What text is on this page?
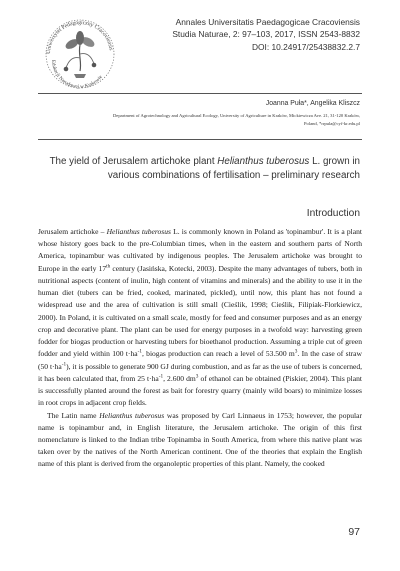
Uniwersytet Pedagogiczny Cracoviensis
Edukacji Narodowej w Krakowie
Annales Universitatis Paedagogicae Cracoviensis
Studia Naturae, 2: 97–103, 2017, ISSN 2543-8832
DOI: 10.24917/25438832.2.7
Joanna Puła*, Angelika Kliszcz
Department of Agrotechnology and Agricultural Ecology, University of Agriculture in Kraków, Mickiewicza Ave. 21, 31-120 Kraków,
Poland, *rrpula@cyf-kr.edu.pl
The yield of Jerusalem artichoke plant Helianthus tuberosus L. grown in various combinations of fertilisation – preliminary research
Introduction

Jerusalem artichoke – Helianthus tuberosus L. is commonly known in Poland as 'topinambur'. It is a plant whose history goes back to the pre-Columbian times, when in the eastern and southern parts of North America, topinambur was cultivated by indigenous peoples. The Jerusalem artichoke was brought to Europe in the early 17th century (Jasińska, Kotecki, 2003). Despite the many advantages of tubers, both in nutritional aspects (content of inulin, high content of vitamins and minerals) and the ability to use it in the human diet (tubers can be fried, cooked, marinated, pickled), until now, this plant has not found a widespread use and the area of cultivation is still small (Cieślik, 1998; Cieślik, Filipiak-Florkiewicz, 2000). In Poland, it is cultivated on a small scale, mostly for feed and consumer purposes and as an energy crop and decorative plant. The plant can be used for energy purposes in a twofold way: harvesting green fodder for biogas production or harvesting tubers for bioethanol production. Assuming a triple cut of green fodder and yield within 100 $t\cdot ha^{-1}$, biogas production can reach a level of 53.500 $m^3$. In the case of straw (50 $t\cdot ha^{-1}$), it is possible to generate 900 GJ during combustion, and as far as the use of tubers is concerned, it has been calculated that, from 25 $t\cdot ha^{-1}$, 2.600 $dm^3$ of ethanol can be obtained (Piskier, 2004). This plant is successfully planted around the forest as bait for forestry quarry (mainly wild boars) to minimize losses in root crops in adjacent crop fields.

The Latin name Helianthus tuberosus was proposed by Carl Linnaeus in 1753; however, the popular name is topinambur and, in English literature, the Jerusalem artichoke. The origin of this first nomenclature is linked to the Indian tribe Topinamba in South America, from where this native plant was taken over by the natives of the North American continent. One of the theories that explain the English name of this plant is derived from the organoleptic properties of this plant. Namely, the cooked

97
